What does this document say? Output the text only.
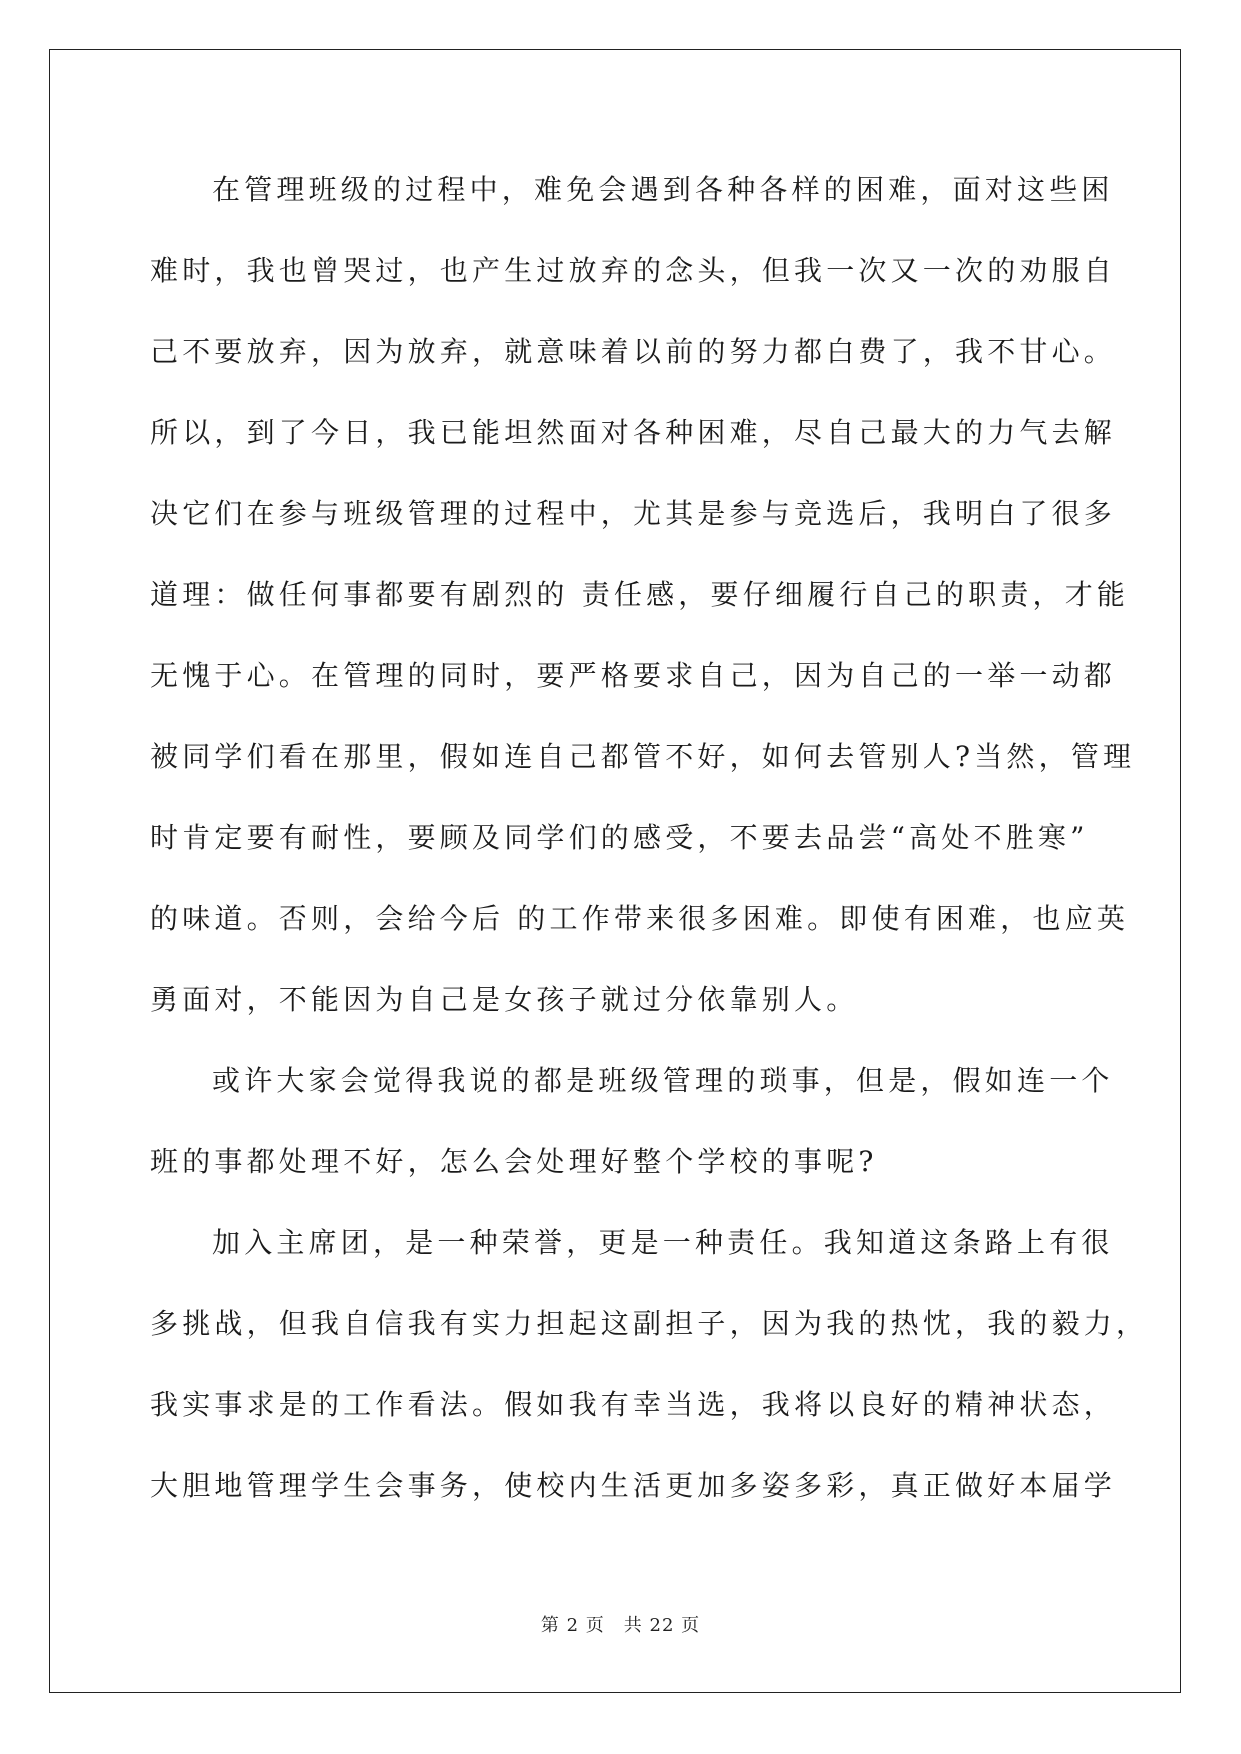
在管理班级的过程中，难免会遇到各种各样的困难，面对这些困
难时，我也曾哭过，也产生过放弃的念头，但我一次又一次的劝服自
己不要放弃，因为放弃，就意味着以前的努力都白费了，我不甘心。
所以，到了今日，我已能坦然面对各种困难，尽自己最大的力气去解
决它们在参与班级管理的过程中，尤其是参与竞选后，我明白了很多
道理：做任何事都要有剧烈的 责任感，要仔细履行自己的职责，才能
无愧于心。在管理的同时，要严格要求自己，因为自己的一举一动都
被同学们看在那里，假如连自己都管不好，如何去管别人?当然，管理
时肯定要有耐性，要顾及同学们的感受，不要去品尝“高处不胜寒”
的味道。否则，会给今后 的工作带来很多困难。即使有困难，也应英
勇面对，不能因为自己是女孩子就过分依靠别人。
或许大家会觉得我说的都是班级管理的琐事，但是，假如连一个
班的事都处理不好，怎么会处理好整个学校的事呢?
加入主席团，是一种荣誉，更是一种责任。我知道这条路上有很
多挑战，但我自信我有实力担起这副担子，因为我的热忱，我的毅力，
我实事求是的工作看法。假如我有幸当选，我将以良好的精神状态，
大胆地管理学生会事务，使校内生活更加多姿多彩，真正做好本届学
第 2 页　共 22 页
